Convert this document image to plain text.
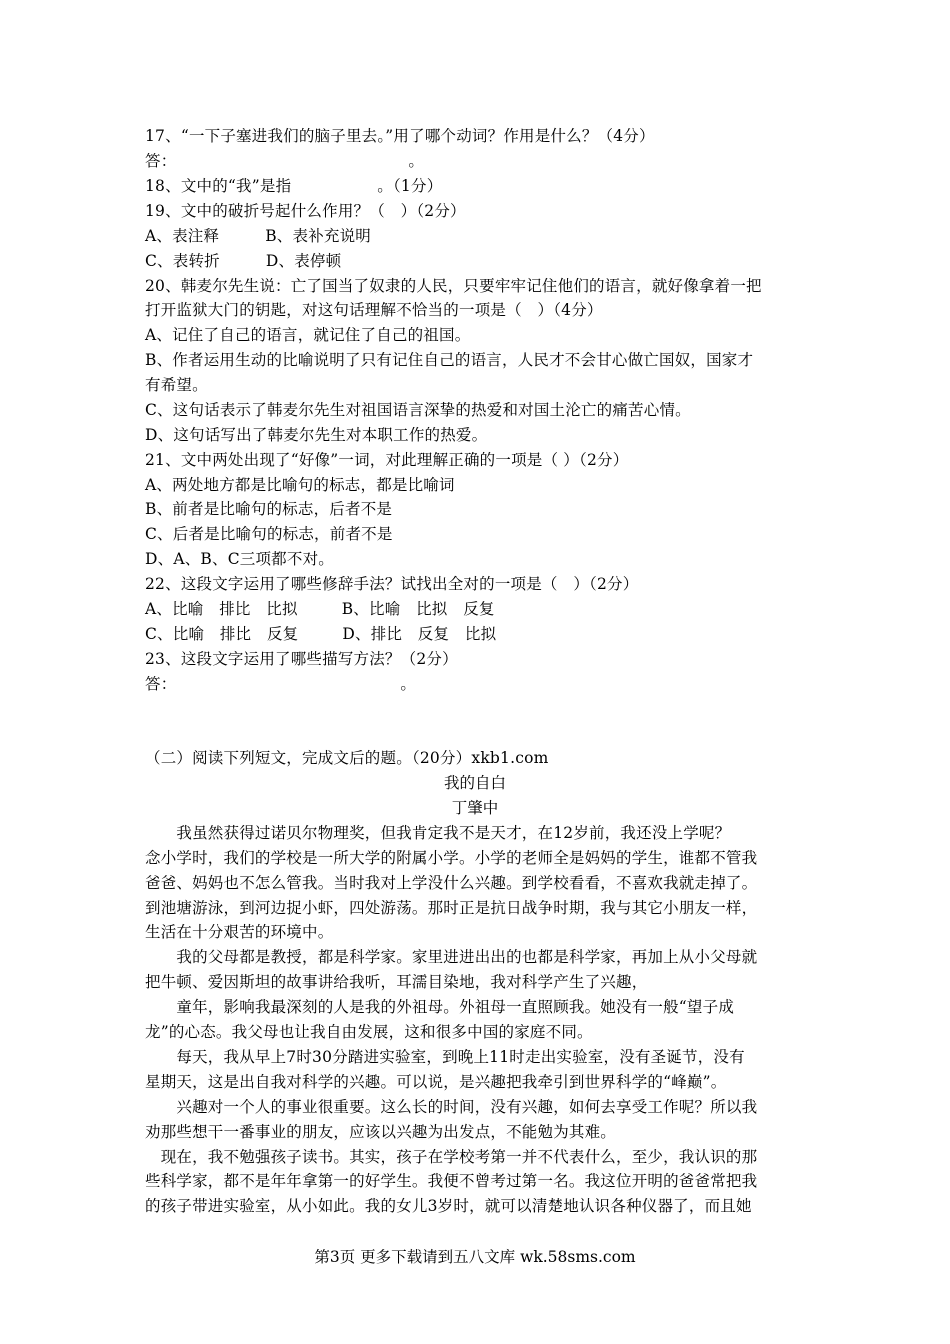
17、“一下子塞进我们的脑子里去。”用了哪个动词？作用是什么？（4分）
答：	。
18、文中的“我”是指	。（1分）
19、文中的破折号起什么作用？（　）（2分）
A、表注释	B、表补充说明
C、表转折	D、表停顿
20、韩麦尔先生说：亡了国当了奴隶的人民，只要牢牢记住他们的语言，就好像拿着一把
打开监狱大门的钥匙，对这句话理解不恰当的一项是（　）（4分）
A、记住了自己的语言，就记住了自己的祖国。
B、作者运用生动的比喻说明了只有记住自己的语言，人民才不会甘心做亡国奴，国家才
有希望。
C、这句话表示了韩麦尔先生对祖国语言深挚的热爱和对国土沦亡的痛苦心情。
D、这句话写出了韩麦尔先生对本职工作的热爱。
21、文中两处出现了“好像”一词，对此理解正确的一项是（ ）（2分）
A、两处地方都是比喻句的标志，都是比喻词
B、前者是比喻句的标志，后者不是
C、后者是比喻句的标志，前者不是
D、A、B、C三项都不对。
22、这段文字运用了哪些修辞手法？试找出全对的一项是（　）（2分）
A、比喻　排比　比拟	B、比喻　比拟　反复
C、比喻　排比　反复	D、排比　反复　比拟
23、这段文字运用了哪些描写方法？（2分）
答：	。
（二）阅读下列短文，完成文后的题。（20分）xkb1.com
我的自白
丁肇中
　　我虽然获得过诺贝尔物理奖，但我肯定我不是天才，在12岁前，我还没上学呢？
念小学时，我们的学校是一所大学的附属小学。小学的老师全是妈妈的学生，谁都不管我
爸爸、妈妈也不怎么管我。当时我对上学没什么兴趣。到学校看看，不喜欢我就走掉了。
到池塘游泳，到河边捉小虾，四处游荡。那时正是抗日战争时期，我与其它小朋友一样，
生活在十分艰苦的环境中。
　　我的父母都是教授，都是科学家。家里进进出出的也都是科学家，再加上从小父母就
把牛顿、爱因斯坦的故事讲给我听，耳濡目染地，我对科学产生了兴趣，
　　童年，影响我最深刻的人是我的外祖母。外祖母一直照顾我。她没有一般“望子成
龙”的心态。我父母也让我自由发展，这和很多中国的家庭不同。
　　每天，我从早上7时30分踏进实验室，到晚上11时走出实验室，没有圣诞节，没有
星期天，这是出自我对科学的兴趣。可以说，是兴趣把我牵引到世界科学的“峰巅”。
　　兴趣对一个人的事业很重要。这么长的时间，没有兴趣，如何去享受工作呢？所以我
劝那些想干一番事业的朋友，应该以兴趣为出发点，不能勉为其难。
　现在，我不勉强孩子读书。其实，孩子在学校考第一并不代表什么，至少，我认识的那
些科学家，都不是年年拿第一的好学生。我便不曾考过第一名。我这位开明的爸爸常把我
的孩子带进实验室，从小如此。我的女儿3岁时，就可以清楚地认识各种仪器了，而且她
第3页 更多下载请到五八文库 wk.58sms.com
